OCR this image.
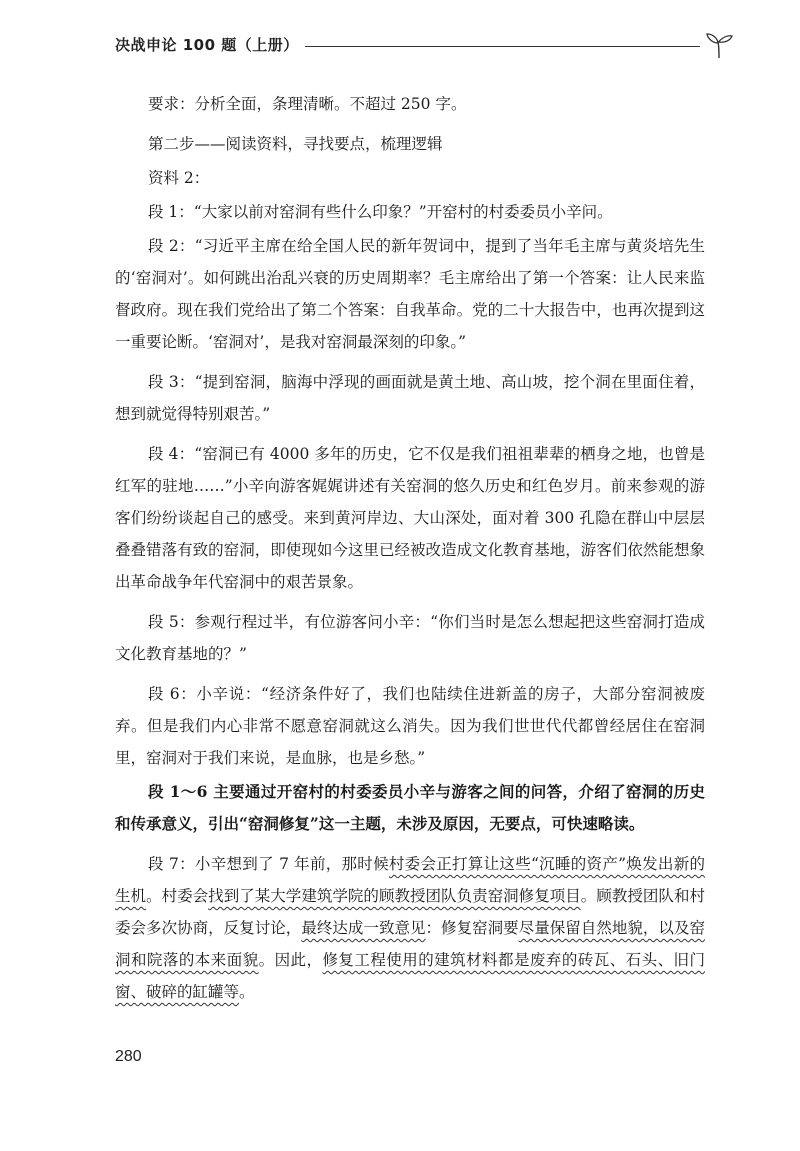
决战申论 100 题（上册）

要求：分析全面，条理清晰。不超过 250 字。

第二步——阅读资料，寻找要点，梳理逻辑

资料 2：

段 1：“大家以前对窑洞有些什么印象？”开窑村的村委委员小辛问。

段 2：“习近平主席在给全国人民的新年贺词中，提到了当年毛主席与黄炎培先生的‘窑洞对’。如何跳出治乱兴衰的历史周期率？毛主席给出了第一个答案：让人民来监督政府。现在我们党给出了第二个答案：自我革命。党的二十大报告中，也再次提到这一重要论断。‘窑洞对’，是我对窑洞最深刻的印象。”

段 3：“提到窑洞，脑海中浮现的画面就是黄土地、高山坡，挖个洞在里面住着，想到就觉得特别艰苦。”

段 4：“窑洞已有 4000 多年的历史，它不仅是我们祖祖辈辈的栖身之地，也曾是红军的驻地……”小辛向游客娓娓讲述有关窑洞的悠久历史和红色岁月。前来参观的游客们纷纷谈起自己的感受。来到黄河岸边、大山深处，面对着 300 孔隐在群山中层层叠叠错落有致的窑洞，即使现如今这里已经被改造成文化教育基地，游客们依然能想象出革命战争年代窑洞中的艰苦景象。

段 5：参观行程过半，有位游客问小辛：“你们当时是怎么想起把这些窑洞打造成文化教育基地的？”

段 6：小辛说：“经济条件好了，我们也陆续住进新盖的房子，大部分窑洞被废弃。但是我们内心非常不愿意窑洞就这么消失。因为我们世世代代都曾经居住在窑洞里，窑洞对于我们来说，是血脉，也是乡愁。”

段 1～6 主要通过开窑村的村委委员小辛与游客之间的问答，介绍了窑洞的历史和传承意义，引出“窑洞修复”这一主题，未涉及原因，无要点，可快速略读。

段 7：小辛想到了 7 年前，那时候村委会正打算让这些“沉睡的资产”焕发出新的生机。村委会找到了某大学建筑学院的顾教授团队负责窑洞修复项目。顾教授团队和村委会多次协商，反复讨论，最终达成一致意见：修复窑洞要尽量保留自然地貌，以及窑洞和院落的本来面貌。因此，修复工程使用的建筑材料都是废弃的砖瓦、石头、旧门窗、破碎的缸罐等。

280
